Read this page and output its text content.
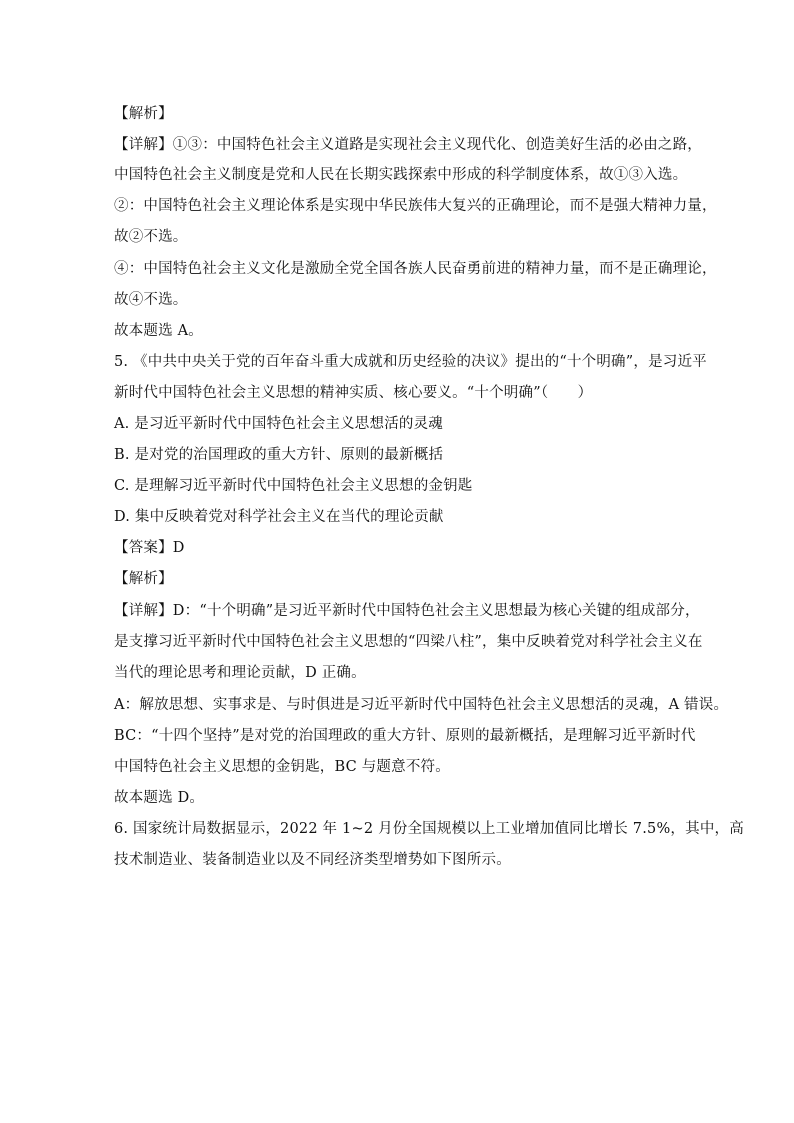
【解析】
【详解】①③：中国特色社会主义道路是实现社会主义现代化、创造美好生活的必由之路，
中国特色社会主义制度是党和人民在长期实践探索中形成的科学制度体系，故①③入选。
②：中国特色社会主义理论体系是实现中华民族伟大复兴的正确理论，而不是强大精神力量，
故②不选。
④：中国特色社会主义文化是激励全党全国各族人民奋勇前进的精神力量，而不是正确理论，
故④不选。
故本题选 A。
5. 《中共中央关于党的百年奋斗重大成就和历史经验的决议》提出的“十个明确”，是习近平
新时代中国特色社会主义思想的精神实质、核心要义。“十个明确”（　　）
A. 是习近平新时代中国特色社会主义思想活的灵魂
B. 是对党的治国理政的重大方针、原则的最新概括
C. 是理解习近平新时代中国特色社会主义思想的金钥匙
D. 集中反映着党对科学社会主义在当代的理论贡献
【答案】D
【解析】
【详解】D：“十个明确”是习近平新时代中国特色社会主义思想最为核心关键的组成部分，
是支撑习近平新时代中国特色社会主义思想的“四梁八柱”，集中反映着党对科学社会主义在
当代的理论思考和理论贡献，D 正确。
A：解放思想、实事求是、与时俱进是习近平新时代中国特色社会主义思想活的灵魂，A 错误。
BC：“十四个坚持”是对党的治国理政的重大方针、原则的最新概括，是理解习近平新时代
中国特色社会主义思想的金钥匙，BC 与题意不符。
故本题选 D。
6. 国家统计局数据显示，2022 年 1~2 月份全国规模以上工业增加值同比增长 7.5%，其中，高
技术制造业、装备制造业以及不同经济类型增势如下图所示。
